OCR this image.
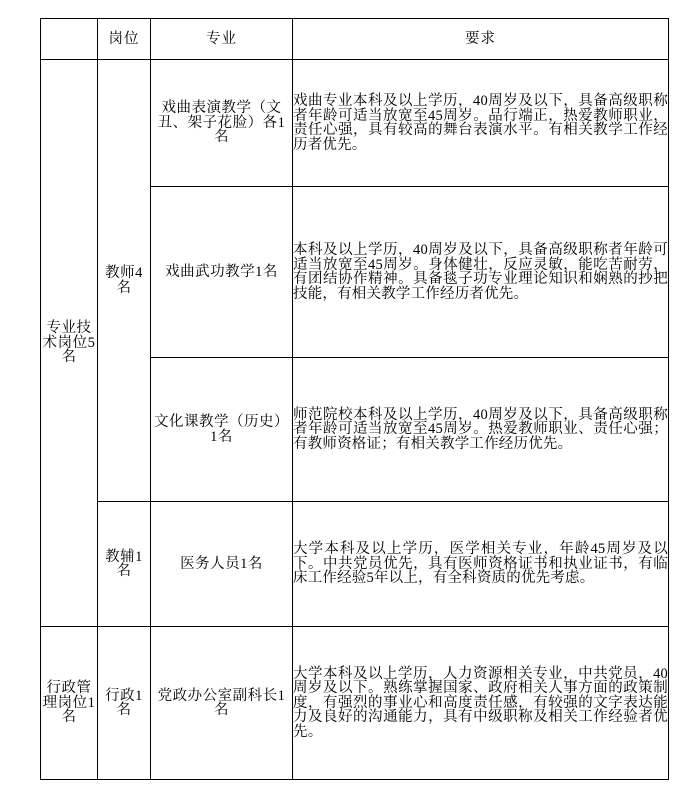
	岗位	专业	要求
专业技术岗位5名	教师4名	戏曲表演教学（文丑、架子花脸）各1名	戏曲专业本科及以上学历，40周岁及以下，具备高级职称者年龄可适当放宽至45周岁。品行端正，热爱教师职业，责任心强，具有较高的舞台表演水平。有相关教学工作经历者优先。
		戏曲武功教学1名	本科及以上学历，40周岁及以下，具备高级职称者年龄可适当放宽至45周岁。身体健壮，反应灵敏，能吃苦耐劳，有团结协作精神。具备毯子功专业理论知识和娴熟的抄把技能，有相关教学工作经历者优先。
		文化课教学（历史）1名	师范院校本科及以上学历，40周岁及以下，具备高级职称者年龄可适当放宽至45周岁。热爱教师职业、责任心强；有教师资格证；有相关教学工作经历优先。
	教辅1名	医务人员1名	大学本科及以上学历，医学相关专业，年龄45周岁及以下。中共党员优先，具有医师资格证书和执业证书，有临床工作经验5年以上，有全科资质的优先考虑。
行政管理岗位1名	行政1名	党政办公室副科长1名	大学本科及以上学历，人力资源相关专业，中共党员，40周岁及以下。熟练掌握国家、政府相关人事方面的政策制度，有强烈的事业心和高度责任感，有较强的文字表达能力及良好的沟通能力，具有中级职称及相关工作经验者优先。
